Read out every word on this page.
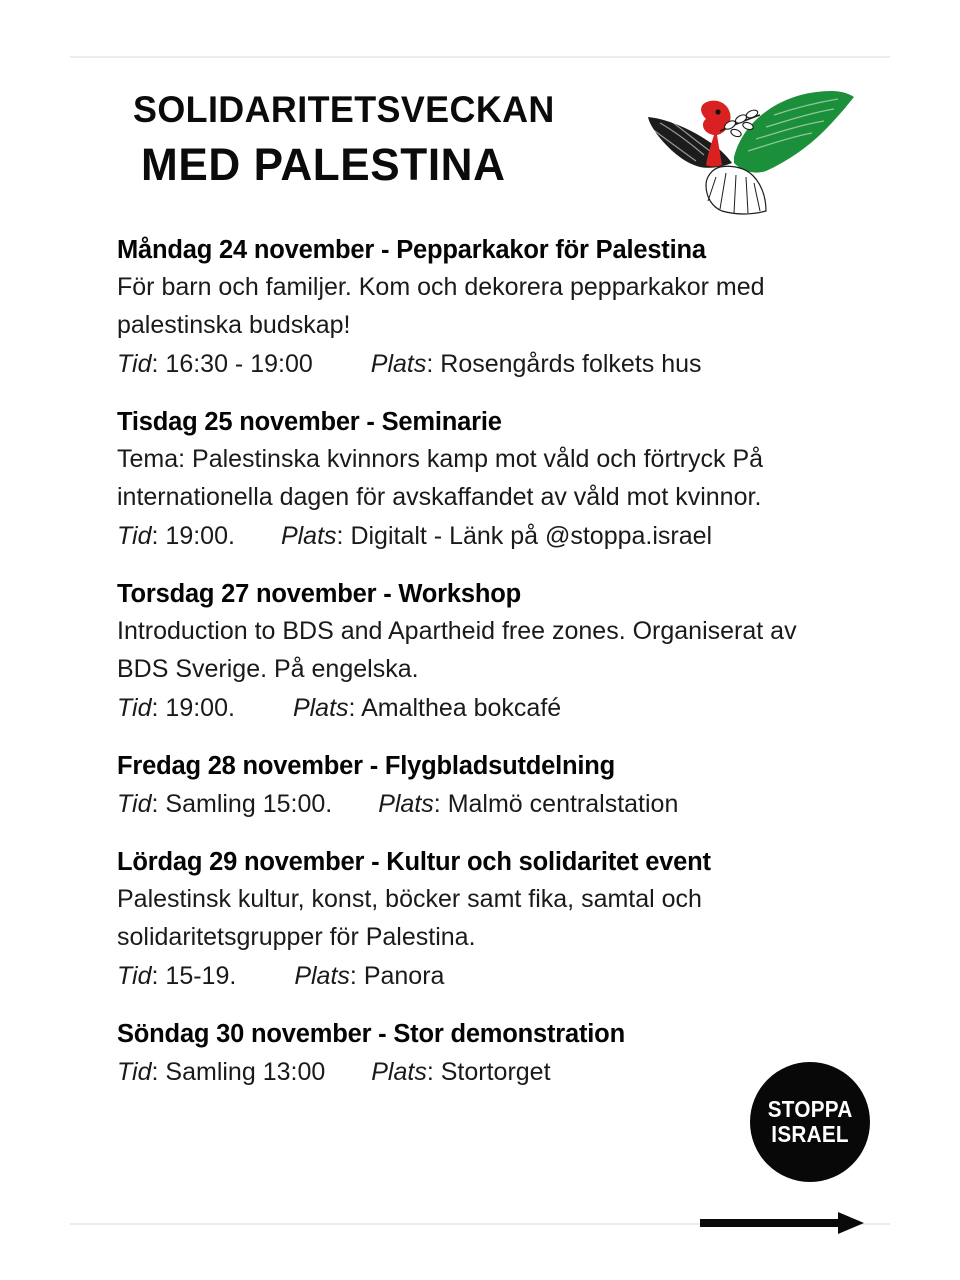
SOLIDARITETSVECKAN
MED PALESTINA
Måndag 24 november - Pepparkakor för Palestina
För barn och familjer. Kom och dekorera pepparkakor med palestinska budskap!
Tid: 16:30 - 19:00 Plats: Rosengårds folkets hus
Tisdag 25 november - Seminarie
Tema: Palestinska kvinnors kamp mot våld och förtryck På internationella dagen för avskaffandet av våld mot kvinnor.
Tid: 19:00. Plats: Digitalt - Länk på @stoppa.israel
Torsdag 27 november - Workshop
Introduction to BDS and Apartheid free zones. Organiserat av BDS Sverige. På engelska.
Tid: 19:00. Plats: Amalthea bokcafé
Fredag 28 november - Flygbladsutdelning
Tid: Samling 15:00. Plats: Malmö centralstation
Lördag 29 november - Kultur och solidaritet event
Palestinsk kultur, konst, böcker samt fika, samtal och solidaritetsgrupper för Palestina.
Tid: 15-19. Plats: Panora
Söndag 30 november - Stor demonstration
Tid: Samling 13:00 Plats: Stortorget
STOPPA
ISRAEL
